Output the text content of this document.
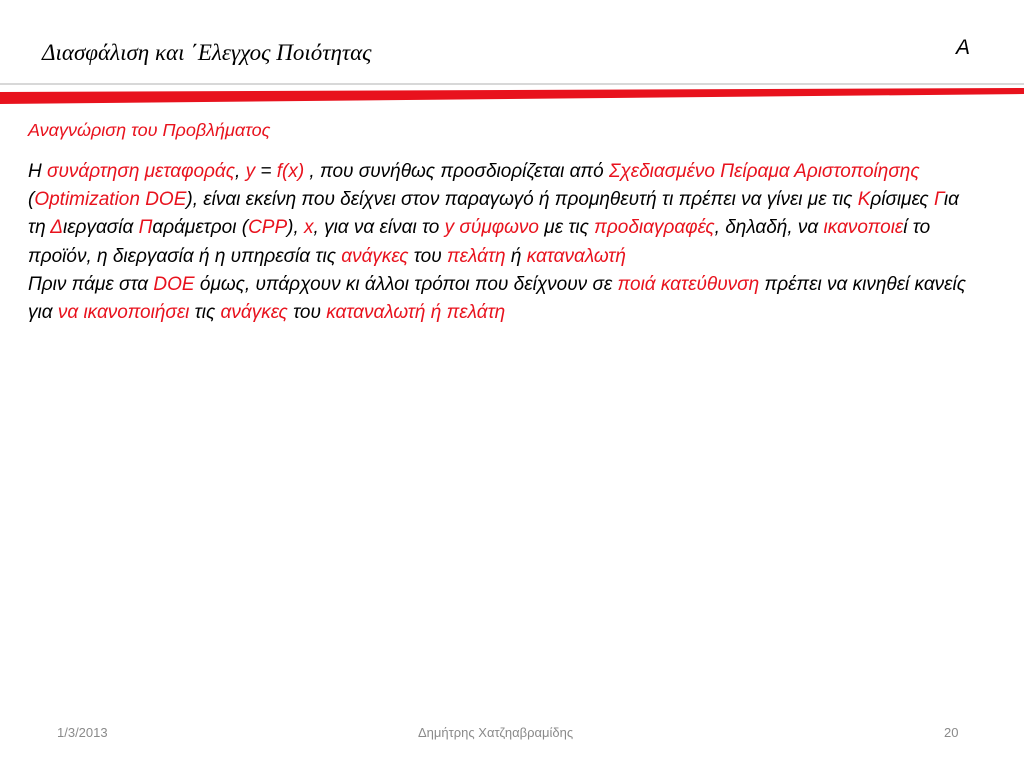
Διασφάλιση και ΄Ελεγχος Ποιότητας	A
Αναγνώριση του Προβλήματος

Η συνάρτηση μεταφοράς, y = f(x) , που συνήθως προσδιορίζεται από Σχεδιασμένο Πείραμα Αριστοποίησης (Optimization DOE), είναι εκείνη που δείχνει στον παραγωγό ή προμηθευτή τι πρέπει να γίνει με τις Κρίσιμες Για τη Διεργασία Παράμετροι (CPP), x, για να είναι το y σύμφωνο με τις προδιαγραφές, δηλαδή, να ικανοποιεί το προϊόν, η διεργασία ή η υπηρεσία τις ανάγκες του πελάτη ή καταναλωτή

Πριν πάμε στα DOE όμως, υπάρχουν κι άλλοι τρόποι που δείχνουν σε ποιά κατεύθυνση πρέπει να κινηθεί κανείς για να ικανοποιήσει τις ανάγκες του καταναλωτή ή πελάτη

1/3/2013	Δημήτρης Χατζηαβραμίδης	20
